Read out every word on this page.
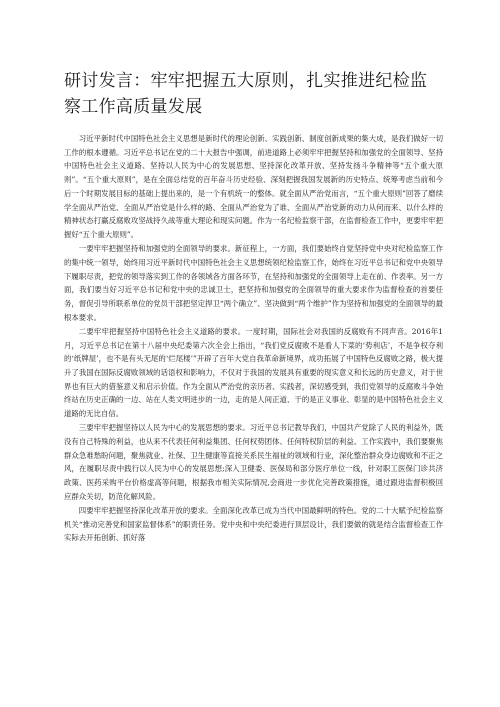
研讨发言：牢牢把握五大原则，扎实推进纪检监察工作高质量发展

习近平新时代中国特色社会主义思想是新时代的理论创新、实践创新、制度创新成果的集大成，是我们做好一切工作的根本遵循。习近平总书记在党的二十大报告中强调，前进道路上必须牢牢把握坚持和加强党的全面领导、坚持中国特色社会主义道路、坚持以人民为中心的发展思想、坚持深化改革开放、坚持发扬斗争精神等“五个重大原则”。“五个重大原则”，是在全面总结党的百年奋斗历史经验、深刻把握我国发展新的历史特点、统筹考虑当前和今后一个时期发展目标的基础上提出来的，是一个有机统一的整体。就全面从严治党而言，“五个重大原则”回答了磨续学全面从严治党、全面从严治党是什么样的路、全面从严治党为了谁、全面从严治党新的动力从何而来、以什么样的精神状态打赢反腐败攻坚战持久战等重大理论和现实问题。作为一名纪检监察干部，在监督检查工作中，更要牢牢把握好“五个重大原则”。

一要牢牢把握坚持和加强党的全面领导的要求。新征程上，一方面，我们要始终自觉坚持党中央对纪检监察工作的集中统一领导，始终用习近平新时代中国特色社会主义思想统领纪检监察工作，始终在习近平总书记和党中央领导下履职尽责，把党的领导落实到工作的各领域各方面各环节，在坚持和加强党的全面领导上走在前、作表率。另一方面，我们要当好习近平总书记和党中央的忠诚卫士，把坚持和加强党的全面领导的重大要求作为监督检查的首要任务，督促引导所联系单位的党员干部把坚定捍卫“两个确立”、坚决做到“两个维护”作为坚持和加强党的全面领导的最根本要求。

二要牢牢把握坚持中国特色社会主义道路的要求。一度时期，国际社会对我国的反腐败有不同声音。2016年1月，习近平总书记在第十八届中央纪委第六次全会上指出，“我们党反腐败不是看人下菜的‘势利店’，不是争权夺利的‘纸牌屋’，也不是有头无尾的‘烂尾楼’”开辟了百年大党自我革命新境界，成功拓展了中国特色反腐败之路，极大提升了我国在国际反腐败领域的话语权和影响力，不仅对于我国的发展具有重要的现实意义和长远的历史意义，对于世界也有巨大的借鉴意义和启示价值。作为全面从严治党的亲历者、实践者，深切感受到，我们党领导的反腐败斗争始终站在历史正确的一边、站在人类文明进步的一边，走的是人间正道、干的是正义事业、彰显的是中国特色社会主义道路的无比自信。

三要牢牢把握坚持以人民为中心的发展思想的要求。习近平总书记教导我们，中国共产党除了人民的利益外，既没有自己特殊的利益，也从来不代表任何利益集团、任何权势团体、任何特权阶层的利益。工作实践中，我们要聚焦群众急难愁盼问题，聚焦就业、社保、卫生健康等直接关系民生福祉的领域和行业，深化整治群众身边腐败和不正之风，在履职尽责中践行以人民为中心的发展思想;深入卫健委、医保局和部分医疗单位一线，针对职工医保门诊共济政策、医药采购平台价格虚高等问题，根据我市相关实际情况,会商进一步优化完善政策措施，通过跟进监督积极回应群众关切，防范化解风险。

四要牢牢把握坚持深化改革开放的要求。全面深化改革已成为当代中国最鲜明的特色。党的二十大赋予纪检监察机关“推动完善党和国家监督体系”的职责任务。党中央和中央纪委进行顶层设计，我们要做的就是结合监督检查工作实际去开拓创新、抓好落
